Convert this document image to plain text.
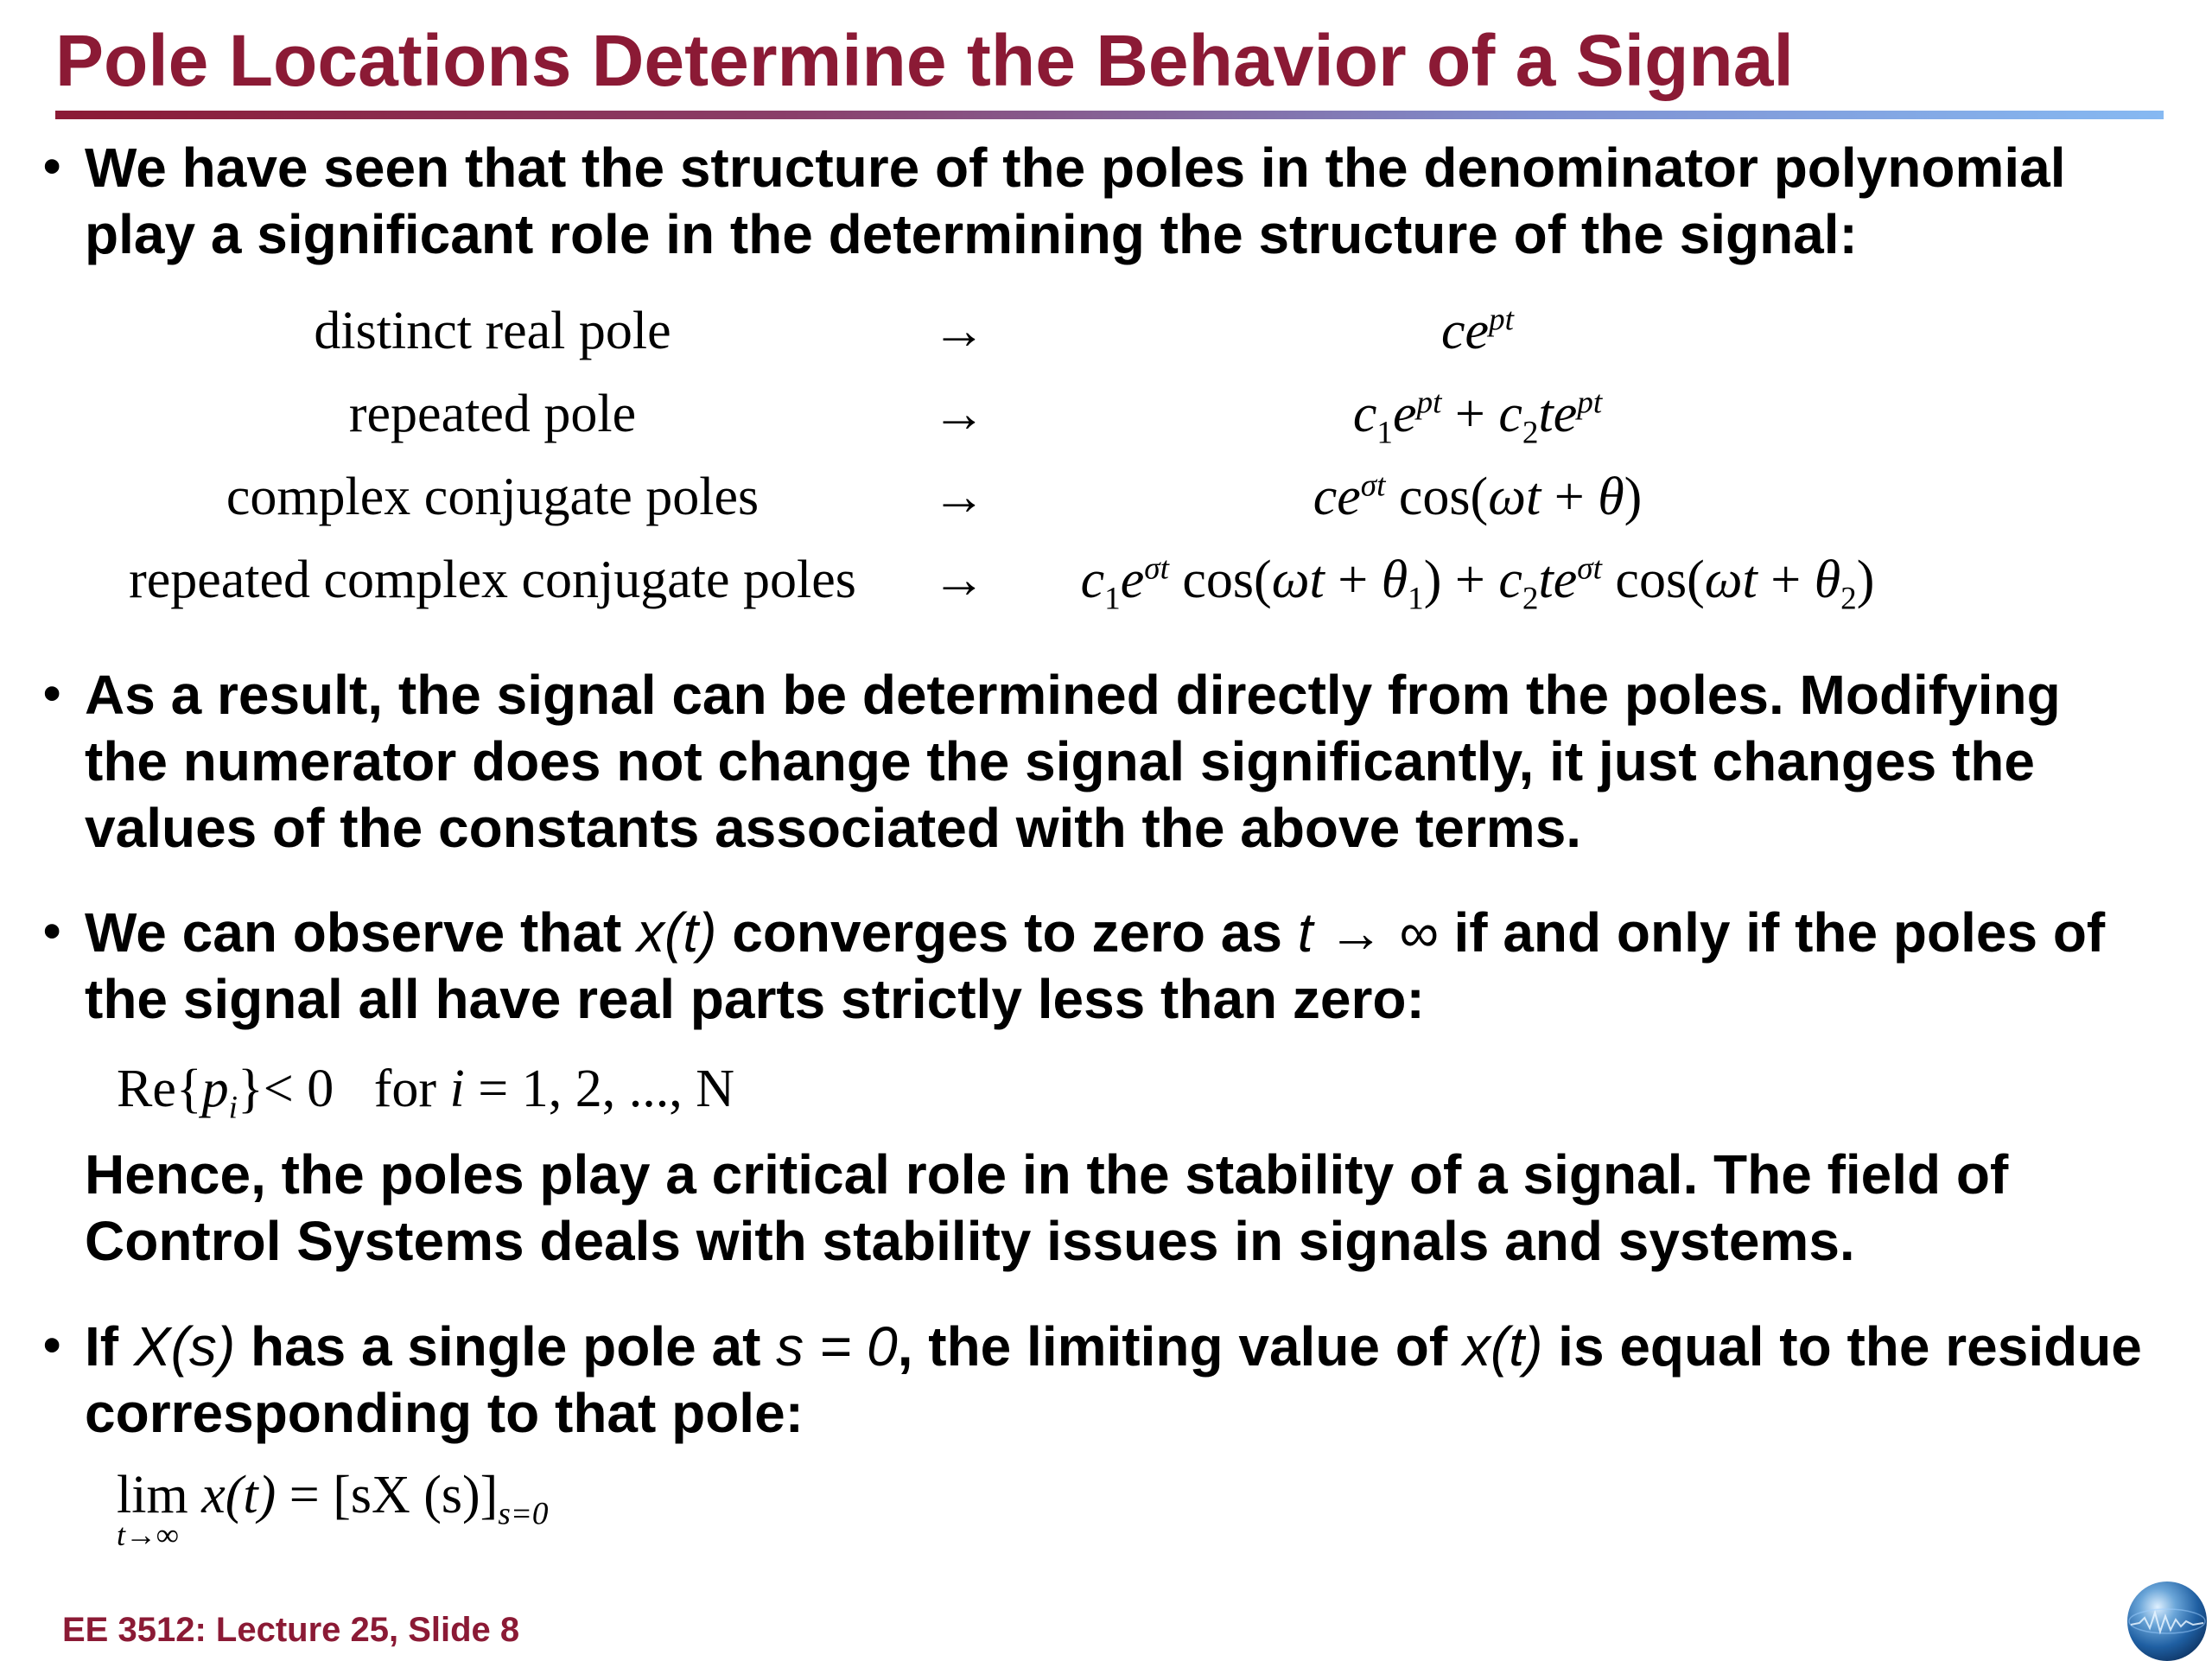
Pole Locations Determine the Behavior of a Signal
• We have seen that the structure of the poles in the denominator polynomial
play a significant role in the determining the structure of the signal:
distinct real pole	→	$ce^{pt}$
repeated pole	→	$c_1e^{pt} + c_2te^{pt}$
complex conjugate poles	→	$ce^{\sigma t}$ cos(ωt + θ)
repeated complex conjugate poles	→	$c_1e^{\sigma t}$ $\cos(\omega t + \theta_1) + c_2te^{\sigma t}$ $\cos(\omega t + \theta_2)$
• As a result, the signal can be determined directly from the poles. Modifying
the numerator does not change the signal significantly, it just changes the
values of the constants associated with the above terms.
• We can observe that x(t) converges to zero as t → ∞ if and only if the poles of
the signal all have real parts strictly less than zero:
$Re\{p_i\}< 0$ for i = 1, 2, ..., N
Hence, the poles play a critical role in the stability of a signal. The field of
Control Systems deals with stability issues in signals and systems.
• If X(s) has a single pole at s = 0, the limiting value of x(t) is equal to the residue
corresponding to that pole:
lim
t→∞
x(t) = [sX $(s)]_{s=0}$
EE 3512: Lecture 25, Slide 8
